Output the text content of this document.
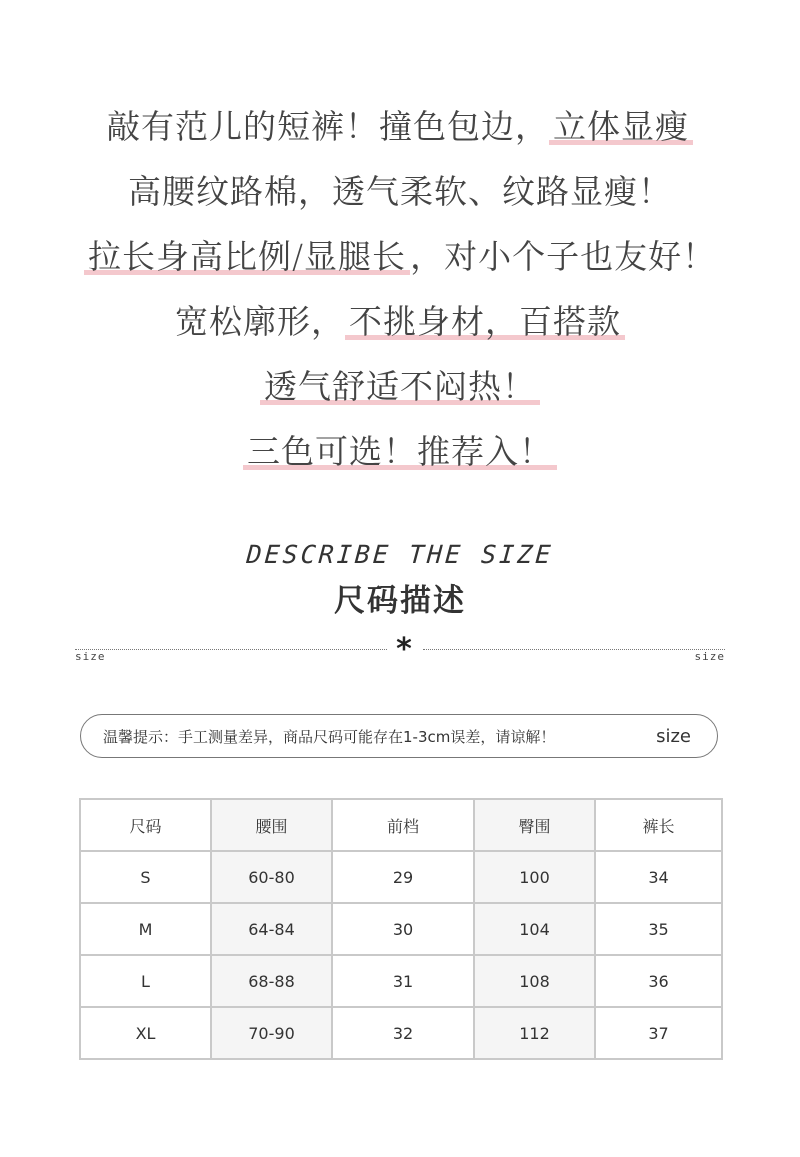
敲有范儿的短裤！撞色包边， 立体显瘦
高腰纹路棉，透气柔软、纹路显瘦！
拉长身高比例/显腿长 ，对小个子也友好！
宽松廓形， 不挑身材，百搭款
透气舒适不闷热！
三色可选！推荐入！
DESCRIBE THE SIZE
尺码描述
*
size	size
温馨提示：手工测量差异，商品尺码可能存在1-3cm误差，请谅解！	size
尺码	腰围	前档	臀围	裤长
S	60-80	29	100	34
M	64-84	30	104	35
L	68-88	31	108	36
XL	70-90	32	112	37
